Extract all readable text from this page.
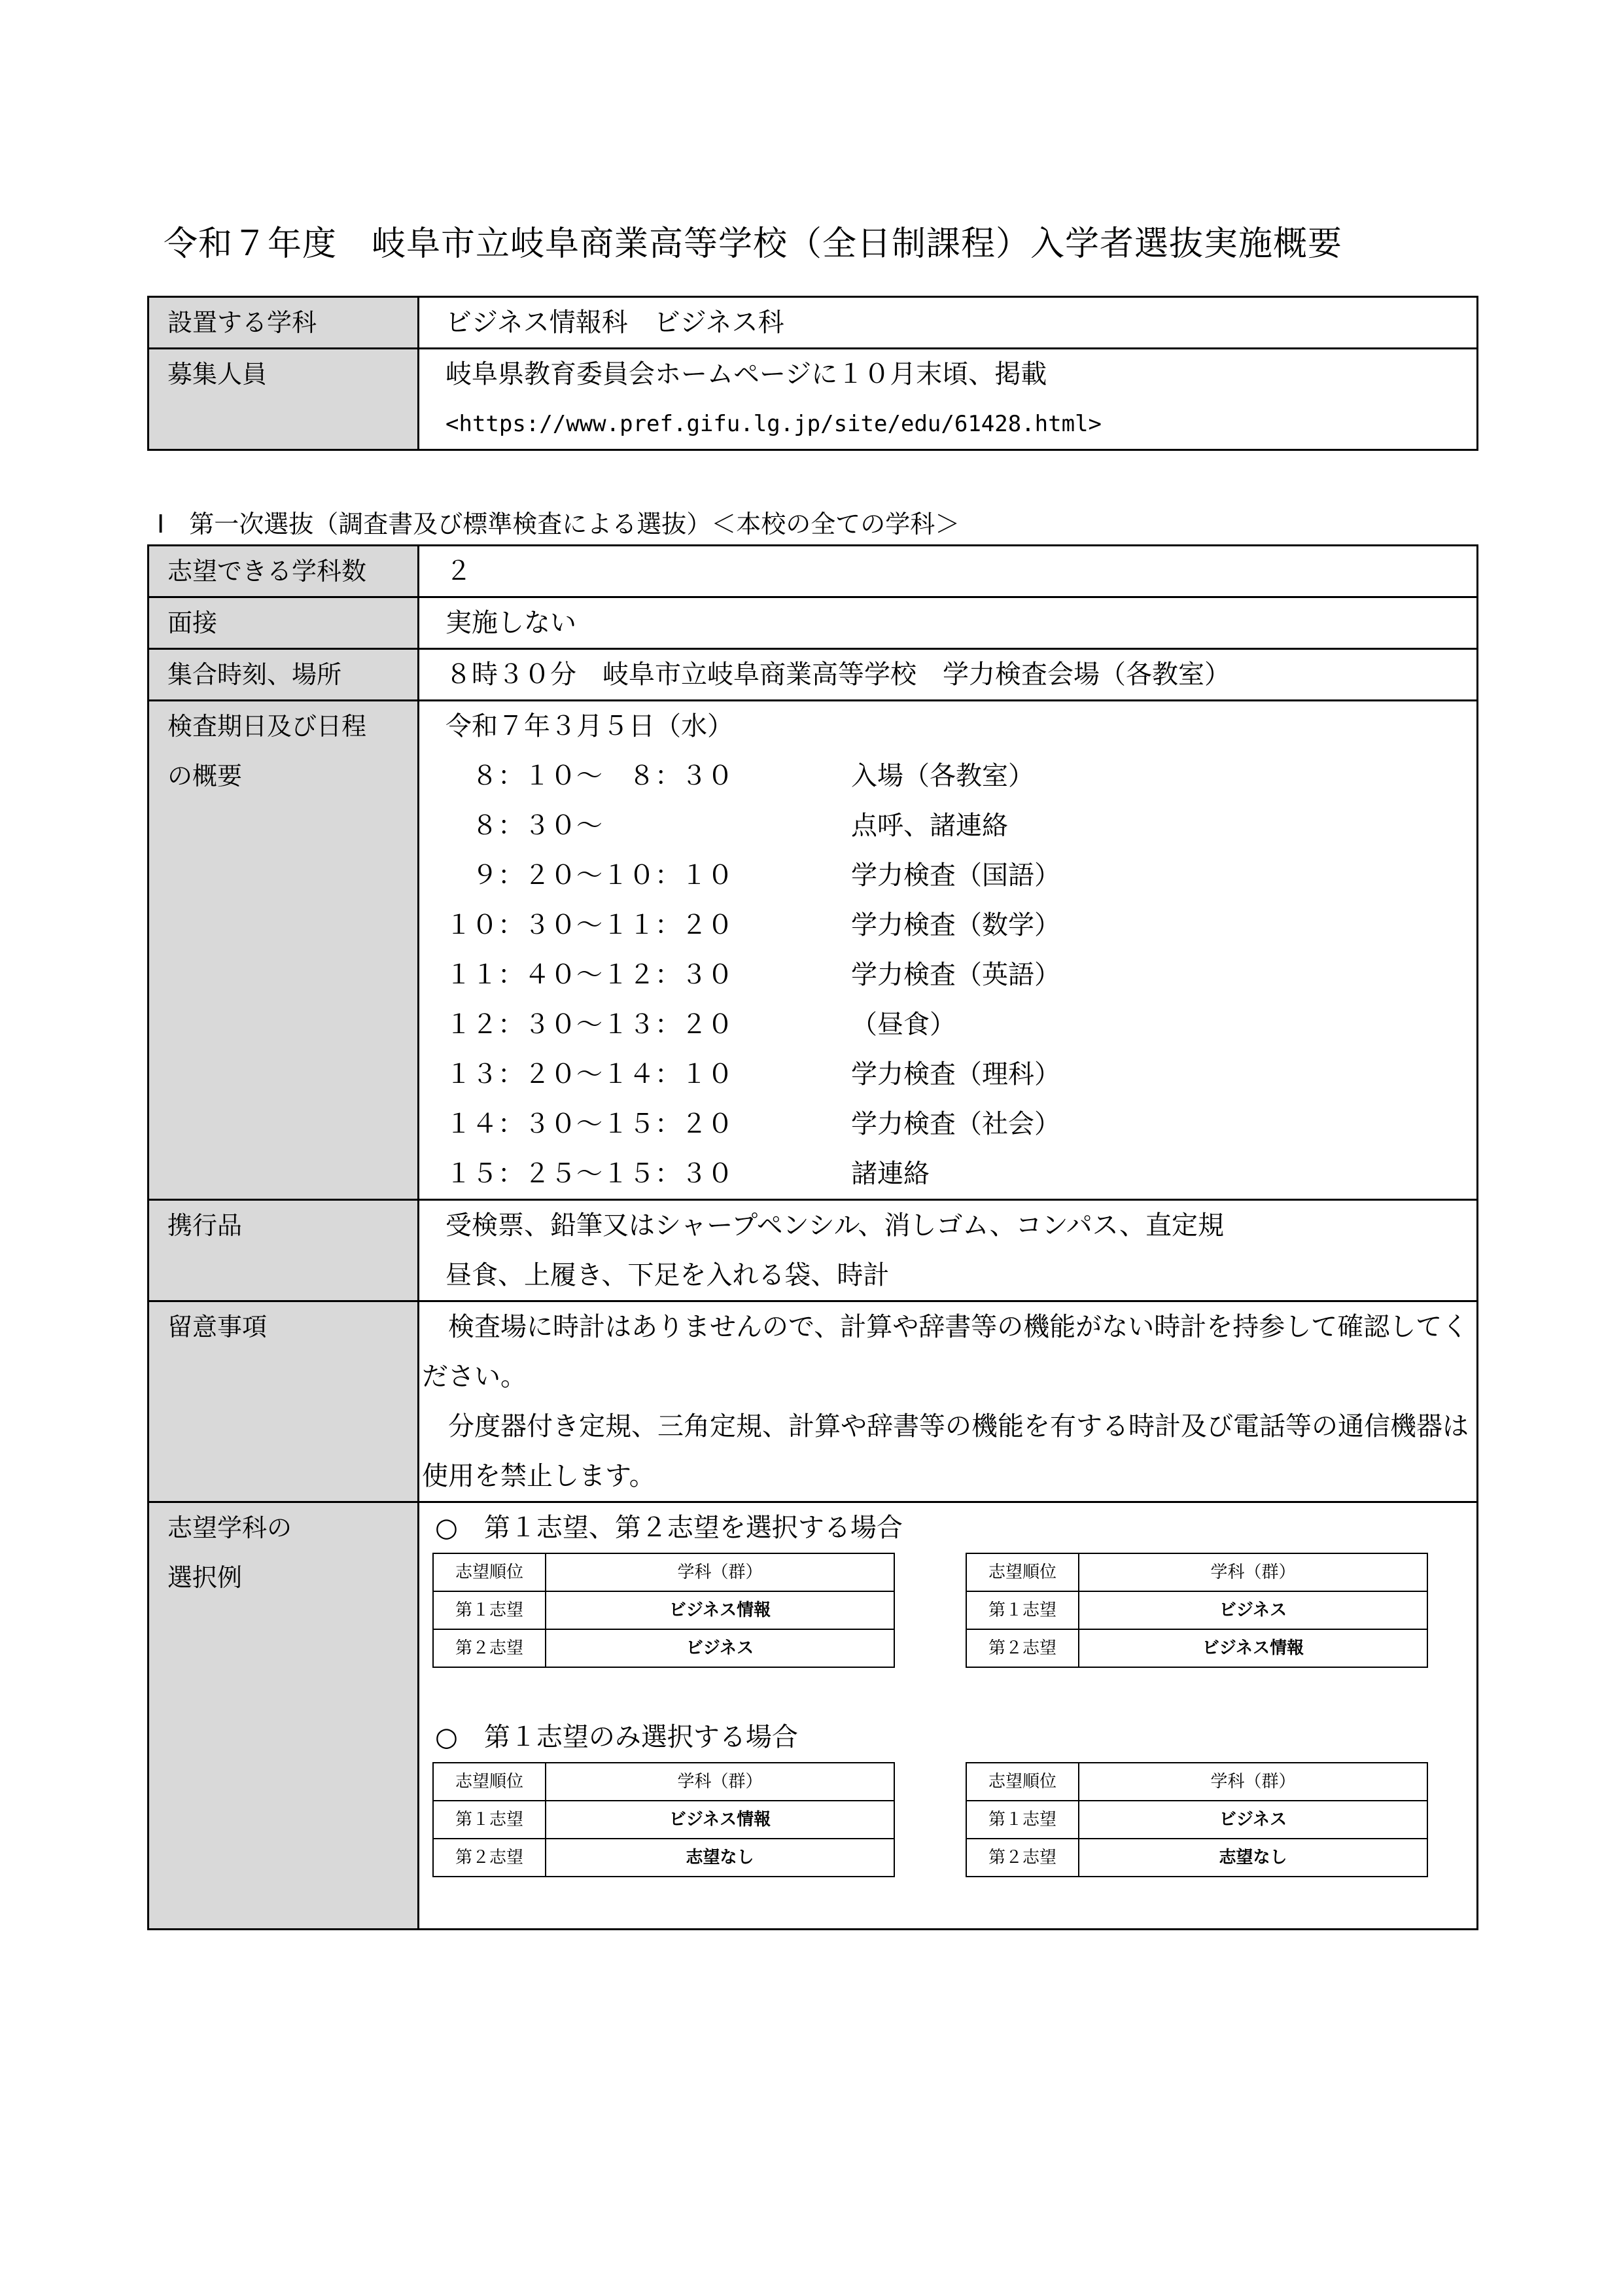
令和７年度　岐阜市立岐阜商業高等学校（全日制課程）入学者選抜実施概要
設置する学科	ビジネス情報科　ビジネス科
募集人員	岐阜県教育委員会ホームページに１０月末頃、掲載
<https://www.pref.gifu.lg.jp/site/edu/61428.html>
Ⅰ　第一次選抜（調査書及び標準検査による選抜）＜本校の全ての学科＞
志望できる学科数	２
面接	実施しない
集合時刻、場所	８時３０分　岐阜市立岐阜商業高等学校　学力検査会場（各教室）

検査期日及び日程
の概要

令和７年３月５日（水）
　８：１０～　８：３０	入場（各教室）
　８：３０～	点呼、諸連絡
　９：２０～１０：１０	学力検査（国語）
１０：３０～１１：２０	学力検査（数学）
１１：４０～１２：３０	学力検査（英語）
１２：３０～１３：２０	（昼食）
１３：２０～１４：１０	学力検査（理科）
１４：３０～１５：２０	学力検査（社会）
１５：２５～１５：３０	諸連絡

携行品	受検票、鉛筆又はシャープペンシル、消しゴム、コンパス、直定規
昼食、上履き、下足を入れる袋、時計

留意事項	検査場に時計はありませんので、計算や辞書等の機能がない時計を持参して確認してください。

分度器付き定規、三角定規、計算や辞書等の機能を有する時計及び電話等の通信機器は使用を禁止します。

志望学科の
選択例

○　第１志望、第２志望を選択する場合
志望順位	学科（群）
第１志望	ビジネス情報
第２志望	ビジネス
志望順位	学科（群）
第１志望	ビジネス
第２志望	ビジネス情報
○　第１志望のみ選択する場合
志望順位	学科（群）
第１志望	ビジネス情報
第２志望	志望なし
志望順位	学科（群）
第１志望	ビジネス
第２志望	志望なし
